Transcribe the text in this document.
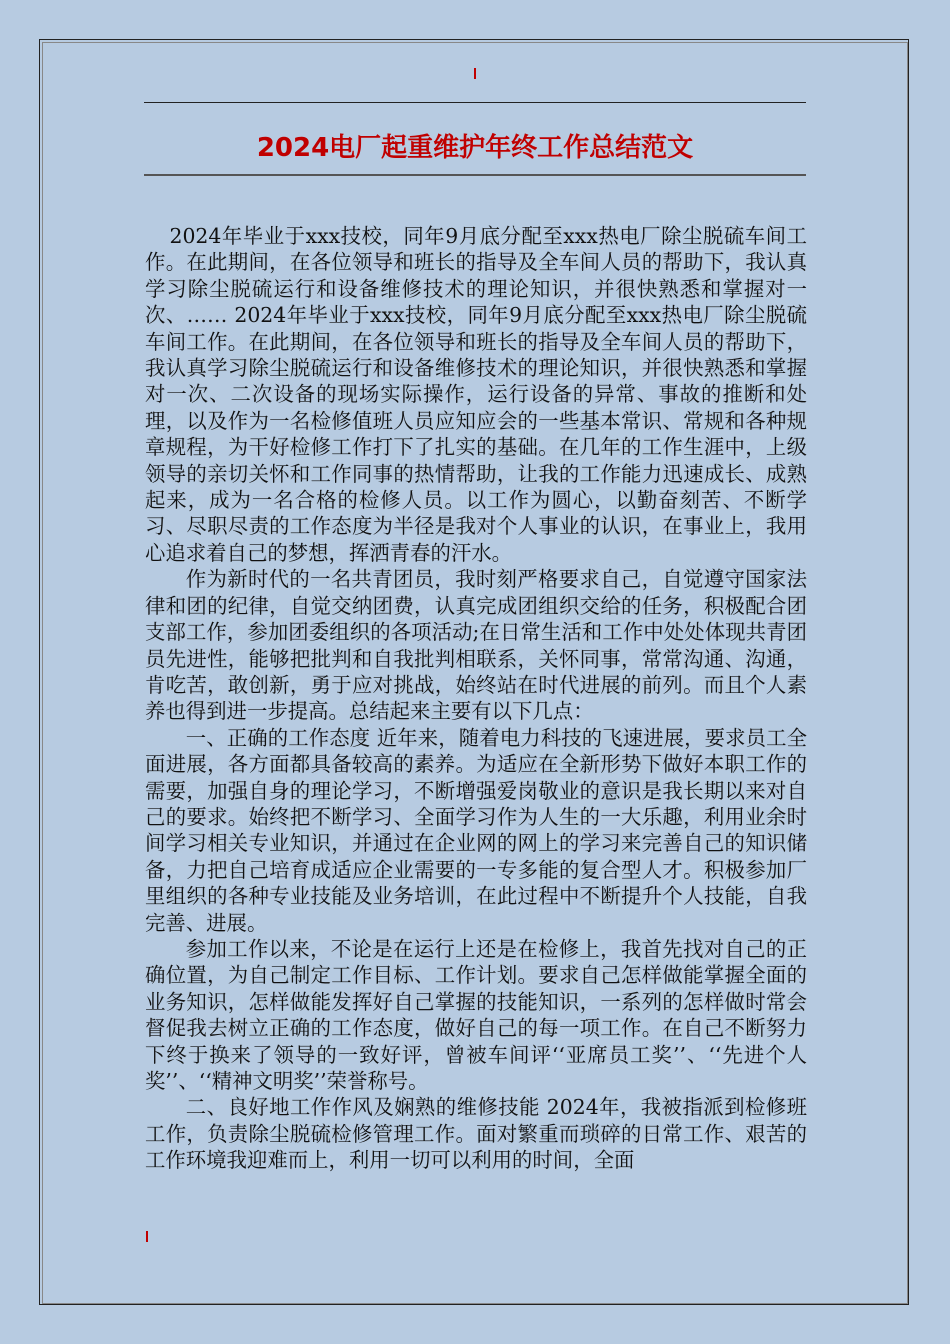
2024电厂起重维护年终工作总结范文

2024年毕业于xxx技校，同年9月底分配至xxx热电厂除尘脱硫车间工作。在此期间，在各位领导和班长的指导及全车间人员的帮助下，我认真学习除尘脱硫运行和设备维修技术的理论知识，并很快熟悉和掌握对一次、…… 2024年毕业于xxx技校，同年9月底分配至xxx热电厂除尘脱硫车间工作。在此期间，在各位领导和班长的指导及全车间人员的帮助下，我认真学习除尘脱硫运行和设备维修技术的理论知识，并很快熟悉和掌握对一次、二次设备的现场实际操作，运行设备的异常、事故的推断和处理，以及作为一名检修值班人员应知应会的一些基本常识、常规和各种规章规程，为干好检修工作打下了扎实的基础。在几年的工作生涯中，上级领导的亲切关怀和工作同事的热情帮助，让我的工作能力迅速成长、成熟起来，成为一名合格的检修人员。以工作为圆心，以勤奋刻苦、不断学习、尽职尽责的工作态度为半径是我对个人事业的认识，在事业上，我用心追求着自己的梦想，挥洒青春的汗水。

作为新时代的一名共青团员，我时刻严格要求自己，自觉遵守国家法律和团的纪律，自觉交纳团费，认真完成团组织交给的任务，积极配合团支部工作，参加团委组织的各项活动;在日常生活和工作中处处体现共青团员先进性，能够把批判和自我批判相联系，关怀同事，常常沟通、沟通，肯吃苦，敢创新，勇于应对挑战，始终站在时代进展的前列。而且个人素养也得到进一步提高。总结起来主要有以下几点：

一、正确的工作态度 近年来，随着电力科技的飞速进展，要求员工全面进展，各方面都具备较高的素养。为适应在全新形势下做好本职工作的需要，加强自身的理论学习，不断增强爱岗敬业的意识是我长期以来对自己的要求。始终把不断学习、全面学习作为人生的一大乐趣，利用业余时间学习相关专业知识，并通过在企业网的网上的学习来完善自己的知识储备，力把自己培育成适应企业需要的一专多能的复合型人才。积极参加厂里组织的各种专业技能及业务培训，在此过程中不断提升个人技能，自我完善、进展。

参加工作以来，不论是在运行上还是在检修上，我首先找对自己的正确位置，为自己制定工作目标、工作计划。要求自己怎样做能掌握全面的业务知识，怎样做能发挥好自己掌握的技能知识，一系列的怎样做时常会督促我去树立正确的工作态度，做好自己的每一项工作。在自己不断努力下终于换来了领导的一致好评，曾被车间评‘‘亚席员工奖’’、‘‘先进个人奖’’、‘‘精神文明奖’’荣誉称号。

二、良好地工作作风及娴熟的维修技能 2024年，我被指派到检修班工作，负责除尘脱硫检修管理工作。面对繁重而琐碎的日常工作、艰苦的工作环境我迎难而上，利用一切可以利用的时间，全面
